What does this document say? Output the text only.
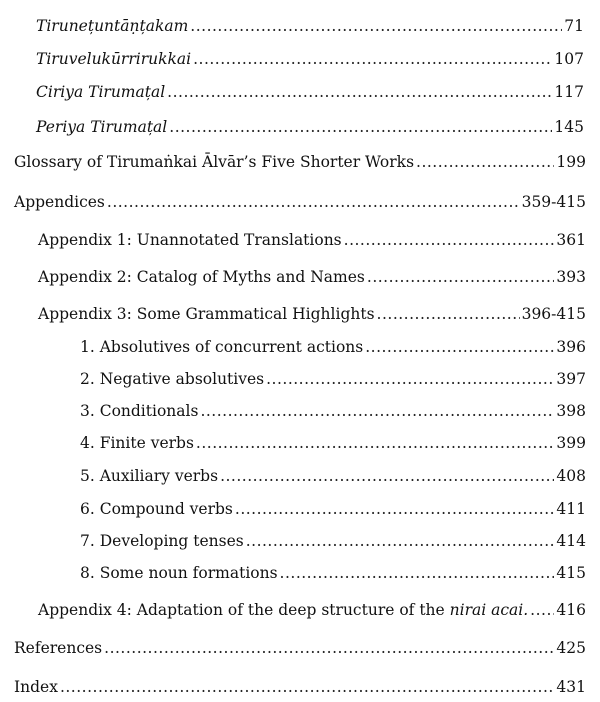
Tirunețuntāṇțakam .....	71
Tiruvelukūrrirukkai .....	107
Ciriya Tirumațal .....	117
Periya Tirumațal .....	145
Glossary of Tirumaṅkai Ālvār’s Five Shorter Works .....	199
Appendices .....	359-415
Appendix 1: Unannotated Translations .....	361
Appendix 2: Catalog of Myths and Names .....	393
Appendix 3: Some Grammatical Highlights .....	396-415
1. Absolutives of concurrent actions .....	396
2. Negative absolutives .....	397
3. Conditionals .....	398
4. Finite verbs .....	399
5. Auxiliary verbs .....	408
6. Compound verbs .....	411
7. Developing tenses .....	414
8. Some noun formations .....	415
Appendix 4: Adaptation of the deep structure of the nirai acai. ..... 416
References .....	425
Index .....	431
